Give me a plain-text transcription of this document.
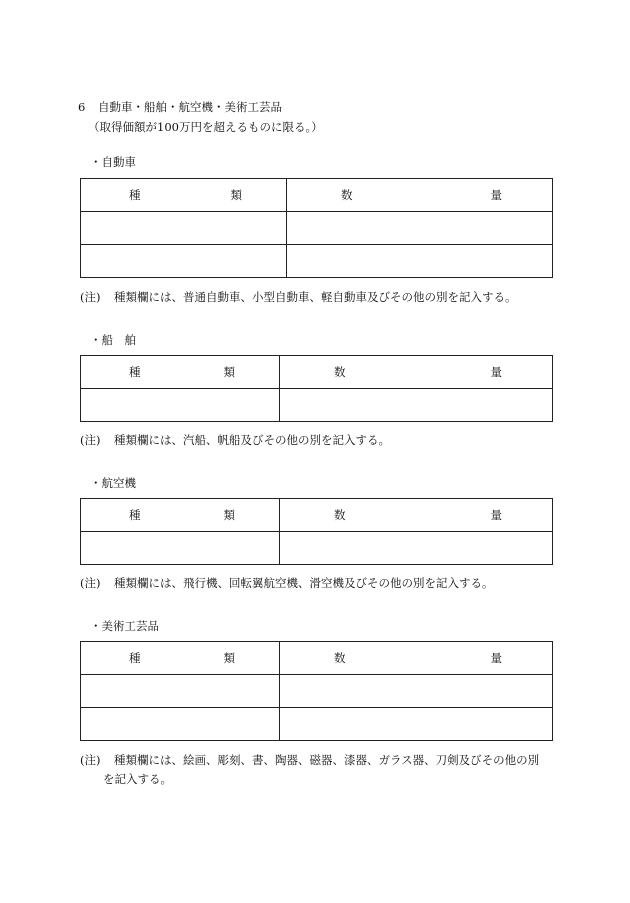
6 自動車・船舶・航空機・美術工芸品
（取得価額が100万円を超えるものに限る。）
・自動車
種 類	数 量

(注) 種類欄には、普通自動車、小型自動車、軽自動車及びその他の別を記入する。
・船　舶
種 類	数 量

(注) 種類欄には、汽船、帆船及びその他の別を記入する。
・航空機
種 類	数 量

(注) 種類欄には、飛行機、回転翼航空機、滑空機及びその他の別を記入する。
・美術工芸品
種 類	数 量

(注) 種類欄には、絵画、彫刻、書、陶器、磁器、漆器、ガラス器、刀剣及びその他の別
を記入する。
